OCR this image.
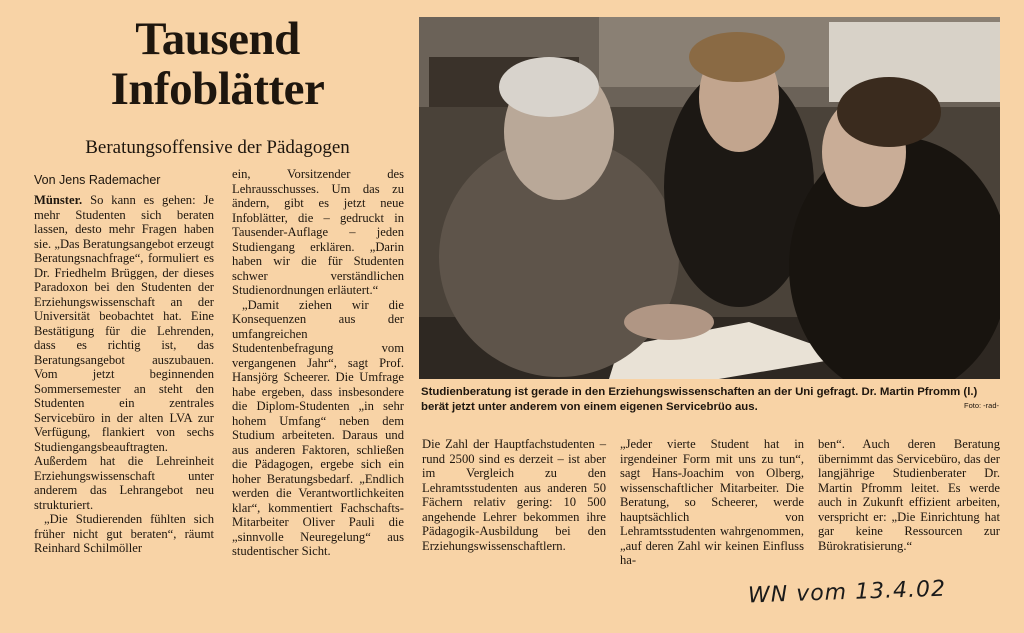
Tausend
Infoblätter
Beratungsoffensive der Pädagogen
Von Jens Rademacher

Münster. So kann es gehen: Je mehr Studenten sich beraten lassen, desto mehr Fragen haben sie. „Das Beratungsangebot erzeugt Beratungsnachfrage“, formuliert es Dr. Friedhelm Brüggen, der dieses Paradoxon bei den Studenten der Erziehungswissenschaft an der Universität beobachtet hat. Eine Bestätigung für die Lehrenden, dass es richtig ist, das Beratungsangebot auszubauen. Vom jetzt beginnenden Sommersemester an steht den Studenten ein zentrales Servicebüro in der alten LVA zur Verfügung, flankiert von sechs Studiengangsbeauftragten.

Außerdem hat die Lehreinheit Erziehungswissenschaft unter anderem das Lehrangebot neu strukturiert.

„Die Studierenden fühlten sich früher nicht gut beraten“, räumt Reinhard Schilmöller

ein, Vorsitzender des Lehrausschusses. Um das zu ändern, gibt es jetzt neue Infoblätter, die – gedruckt in Tausender-Auflage – jeden Studiengang erklären. „Darin haben wir die für Studenten schwer verständlichen Studienordnungen erläutert.“

„Damit ziehen wir die Konsequenzen aus der umfangreichen Studentenbefragung vom vergangenen Jahr“, sagt Prof. Hansjörg Scheerer. Die Umfrage habe ergeben, dass insbesondere die Diplom-Studenten „in sehr hohem Umfang“ neben dem Studium arbeiteten. Daraus und aus anderen Faktoren, schließen die Pädagogen, ergebe sich ein hoher Beratungsbedarf. „Endlich werden die Verantwortlichkeiten klar“, kommentiert Fachschafts-Mitarbeiter Oliver Pauli die „sinnvolle Neuregelung“ aus studentischer Sicht.

Studienberatung ist gerade in den Erziehungswissenschaften an der Uni gefragt. Dr. Martin Pfromm (l.) berät jetzt unter anderem von einem eigenen Servicebrüo aus.	Foto: -rad-

Die Zahl der Hauptfachstudenten – rund 2500 sind es derzeit – ist aber im Vergleich zu den Lehramtsstudenten aus anderen 50 Fächern relativ gering: 10 500 angehende Lehrer bekommen ihre Pädagogik-Ausbildung bei den Erziehungswissenschaftlern.

„Jeder vierte Student hat in irgendeiner Form mit uns zu tun“, sagt Hans-Joachim von Olberg, wissenschaftlicher Mitarbeiter. Die Beratung, so Scheerer, werde hauptsächlich von Lehramtsstudenten wahrgenommen, „auf deren Zahl wir keinen Einfluss ha-

ben“. Auch deren Beratung übernimmt das Servicebüro, das der langjährige Studienberater Dr. Martin Pfromm leitet. Es werde auch in Zukunft effizient arbeiten, verspricht er: „Die Einrichtung hat gar keine Ressourcen zur Bürokratisierung.“

WN vom 13.4.02
